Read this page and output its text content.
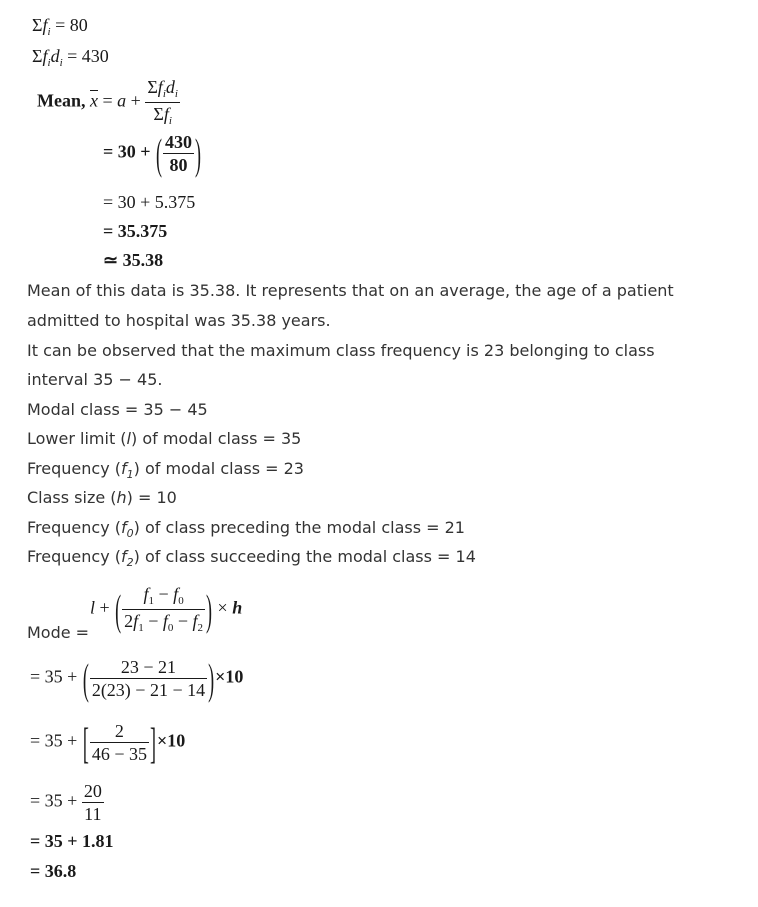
$\Sigma f_i = 80$
$\Sigma f_id_i = 430$
Mean, $\overline{x} = a + \frac{\Sigma f_id_i}{\Sigma f_i}$
= 30 + ( $\frac{430}{80}$ )
= 30 + 5.375
= 35.375
≃ 35.38
Mean of this data is 35.38. It represents that on an average, the age of a patient
admitted to hospital was 35.38 years.
It can be observed that the maximum class frequency is 23 belonging to class
interval 35 − 45.
Modal class = 35 − 45
Lower limit (l) of modal class = 35
Frequency $(f_1)$ of modal class = 23
Class size (h) = 10
Frequency $(f_0)$ of class preceding the modal class = 21
Frequency $(f_2)$ of class succeeding the modal class = 14
l + ( $\frac{f_1 - f_0}{2f_1 - f_0 - f_2}$ ) × h
Mode =
= 35 + ( $\frac{23 - 21}{2(23) - 21 - 14} )\times 10$
= 35 + [ $\frac{2}{46 - 35} ]\times 10$
= $35 + \frac{20}{11}$
= 35 + 1.81
= 36.8
